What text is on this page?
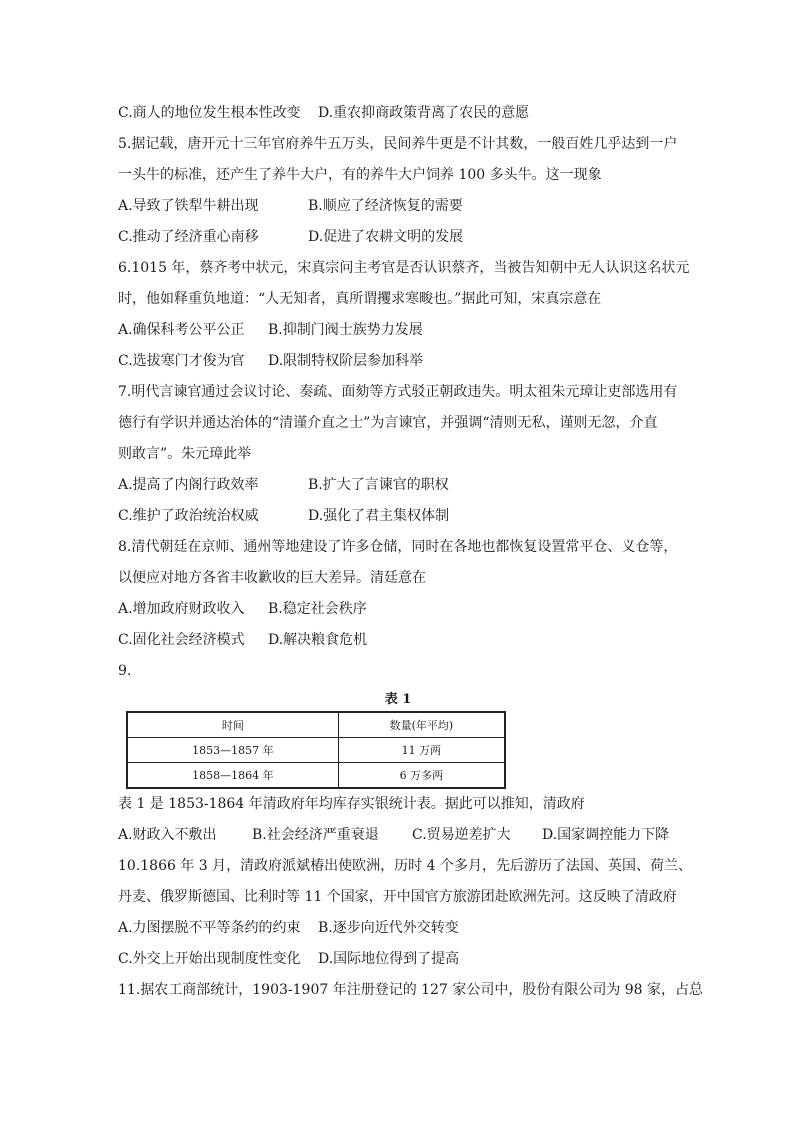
C.商人的地位发生根本性改变 D.重农抑商政策背离了农民的意愿
5.据记载，唐开元十三年官府养牛五万头，民间养牛更是不计其数，一般百姓几乎达到一户
一头牛的标准，还产生了养牛大户，有的养牛大户饲养 100 多头牛。这一现象
A.导致了铁犁牛耕出现	B.顺应了经济恢复的需要
C.推动了经济重心南移	D.促进了农耕文明的发展
6.1015 年，蔡齐考中状元，宋真宗问主考官是否认识蔡齐，当被告知朝中无人认识这名状元
时，他如释重负地道：“人无知者，真所谓攫求寒畯也。”据此可知，宋真宗意在
A.确保科考公平公正 B.抑制门阀士族势力发展
C.选拔寒门才俊为官 D.限制特权阶层参加科举
7.明代言谏官通过会议讨论、奏疏、面劾等方式驳正朝政违失。明太祖朱元璋让吏部选用有
德行有学识并通达治体的“清谨介直之士”为言谏官，并强调“清则无私，谨则无忽，介直
则敢言”。朱元璋此举
A.提高了内阁行政效率	B.扩大了言谏官的职权
C.维护了政治统治权威	D.强化了君主集权体制
8.清代朝廷在京师、通州等地建设了许多仓储，同时在各地也都恢复设置常平仓、义仓等，
以便应对地方各省丰收歉收的巨大差异。清廷意在
A.增加政府财政收入 B.稳定社会秩序
C.固化社会经济模式 D.解决粮食危机
9.
表 1
时间	数量(年平均)
1853—1857 年	11 万两
1858—1864 年	6 万多两
表 1 是 1853-1864 年清政府年均库存实银统计表。据此可以推知，清政府
A.财政入不敷出	B.社会经济严重衰退 C.贸易逆差扩大 D.国家调控能力下降
10.1866 年 3 月，清政府派斌椿出使欧洲，历时 4 个多月，先后游历了法国、英国、荷兰、
丹麦、俄罗斯德国、比利时等 11 个国家，开中国官方旅游团赴欧洲先河。这反映了清政府
A.力图摆脱不平等条约的约束 B.逐步向近代外交转变
C.外交上开始出现制度性变化 D.国际地位得到了提高
11.据农工商部统计，1903-1907 年注册登记的 127 家公司中，股份有限公司为 98 家，占总
